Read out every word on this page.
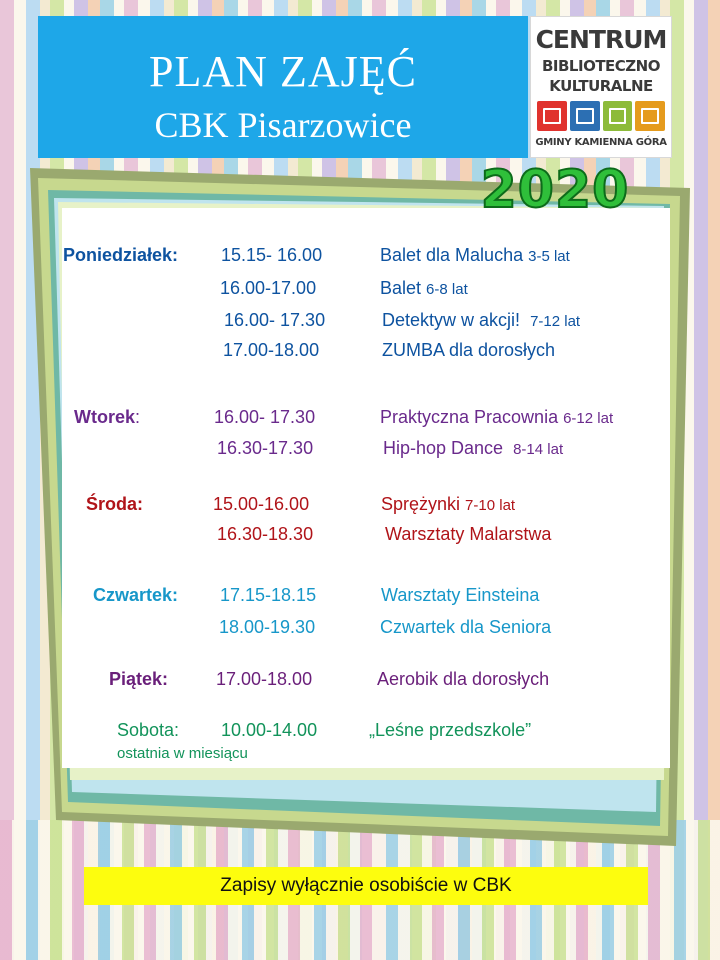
PLAN ZAJĘĆ
CBK Pisarzowice
CENTRUM
BIBLIOTECZNO
KULTURALNE
GMINY KAMIENNA GÓRA
2020
Poniedziałek: 15.15- 16.00	Balet dla Malucha 3-5 lat
16.00-17.00	Balet 6-8 lat
16.00- 17.30	Detektyw w akcji! 7-12 lat
17.00-18.00	ZUMBA dla dorosłych
Wtorek:	16.00- 17.30	Praktyczna Pracownia 6-12 lat
16.30-17.30	Hip-hop Dance 8-14 lat
Środa:	15.00-16.00	Sprężynki 7-10 lat
16.30-18.30	Warsztaty Malarstwa
Czwartek: 17.15-18.15	Warsztaty Einsteina
18.00-19.30	Czwartek dla Seniora
Piątek:	17.00-18.00	Aerobik dla dorosłych
Sobota: 10.00-14.00	„Leśne przedszkole”
ostatnia w miesiącu
Zapisy wyłącznie osobiście w CBK
